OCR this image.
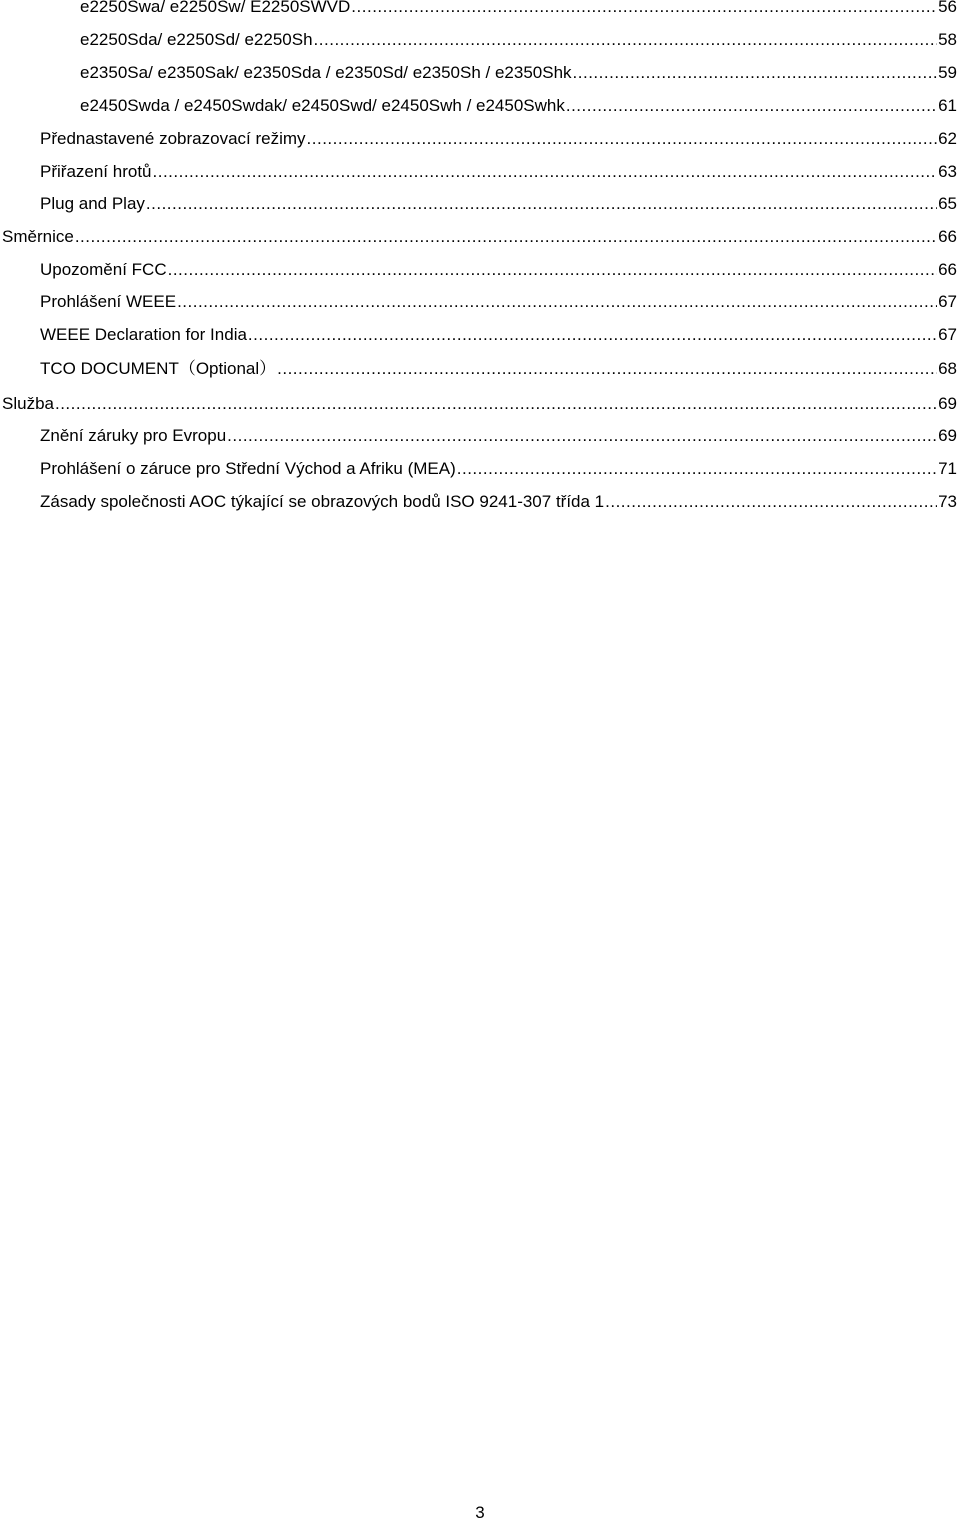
e2250Swa/ e2250Sw/ E2250SWVD .....	56
e2250Sda/ e2250Sd/ e2250Sh .....	58
e2350Sa/ e2350Sak/ e2350Sda / e2350Sd/ e2350Sh / e2350Shk .....	59
e2450Swda / e2450Swdak/ e2450Swd/ e2450Swh / e2450Swhk .....	61
Přednastavené zobrazovací režimy .....	62
Přiřazení hrotů .....	63
Plug and Play .....	65
Směrnice .....	66
Upozomění FCC .....	66
Prohlášení WEEE .....	67
WEEE Declaration for India .....	67
TCO DOCUMENT（Optional） .....	68
Služba .....	69
Znění záruky pro Evropu .....	69
Prohlášení o záruce pro Střední Východ a Afriku (MEA) .....	71
Zásady společnosti AOC týkající se obrazových bodů ISO 9241-307 třída 1 .....	73
3
